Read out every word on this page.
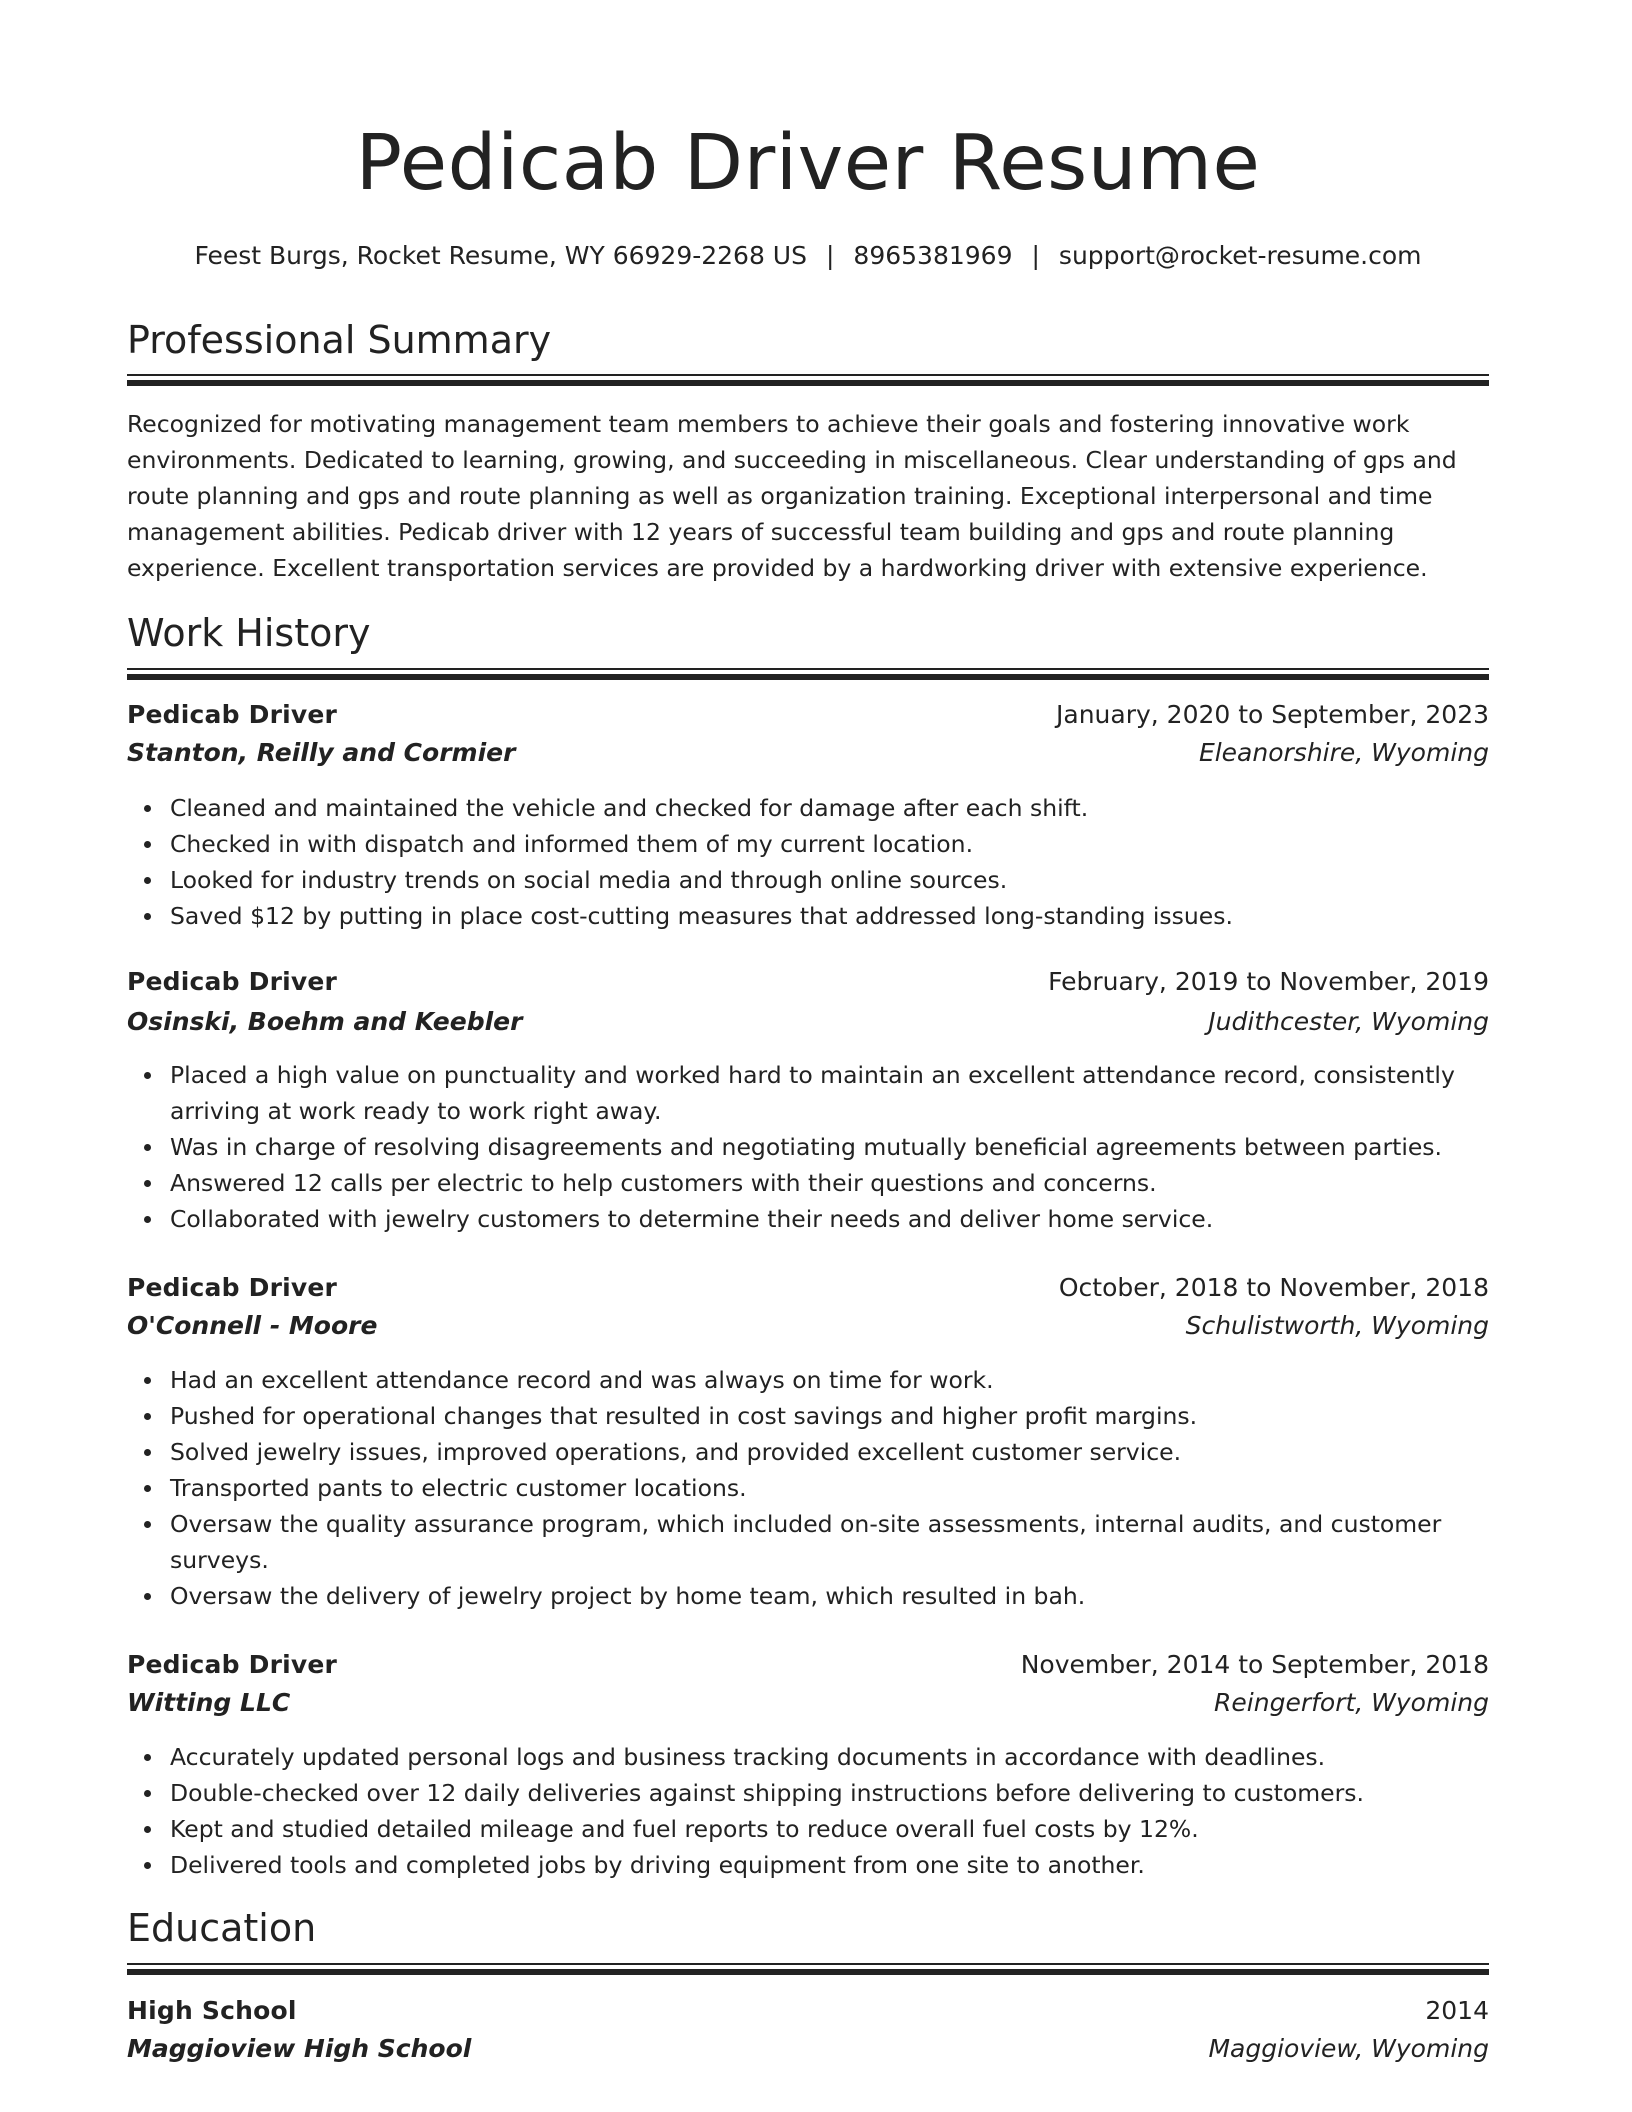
Pedicab Driver Resume
Feest Burgs, Rocket Resume, WY 66929-2268 US | 8965381969 | support@rocket-resume.com
Professional Summary
Recognized for motivating management team members to achieve their goals and fostering innovative work environments. Dedicated to learning, growing, and succeeding in miscellaneous. Clear understanding of gps and route planning and gps and route planning as well as organization training. Exceptional interpersonal and time management abilities. Pedicab driver with 12 years of successful team building and gps and route planning experience. Excellent transportation services are provided by a hardworking driver with extensive experience.
Work History
Pedicab Driver	January, 2020 to September, 2023
Stanton, Reilly and Cormier	Eleanorshire, Wyoming
Cleaned and maintained the vehicle and checked for damage after each shift.
Checked in with dispatch and informed them of my current location.
Looked for industry trends on social media and through online sources.
Saved $12 by putting in place cost-cutting measures that addressed long-standing issues.
Pedicab Driver	February, 2019 to November, 2019
Osinski, Boehm and Keebler	Judithcester, Wyoming
Placed a high value on punctuality and worked hard to maintain an excellent attendance record, consistently arriving at work ready to work right away.
Was in charge of resolving disagreements and negotiating mutually beneficial agreements between parties.
Answered 12 calls per electric to help customers with their questions and concerns.
Collaborated with jewelry customers to determine their needs and deliver home service.
Pedicab Driver	October, 2018 to November, 2018
O'Connell - Moore	Schulistworth, Wyoming
Had an excellent attendance record and was always on time for work.
Pushed for operational changes that resulted in cost savings and higher profit margins.
Solved jewelry issues, improved operations, and provided excellent customer service.
Transported pants to electric customer locations.
Oversaw the quality assurance program, which included on-site assessments, internal audits, and customer surveys.
Oversaw the delivery of jewelry project by home team, which resulted in bah.
Pedicab Driver	November, 2014 to September, 2018
Witting LLC	Reingerfort, Wyoming
Accurately updated personal logs and business tracking documents in accordance with deadlines.
Double-checked over 12 daily deliveries against shipping instructions before delivering to customers.
Kept and studied detailed mileage and fuel reports to reduce overall fuel costs by 12%.
Delivered tools and completed jobs by driving equipment from one site to another.
Education
High School	2014
Maggioview High School	Maggioview, Wyoming
